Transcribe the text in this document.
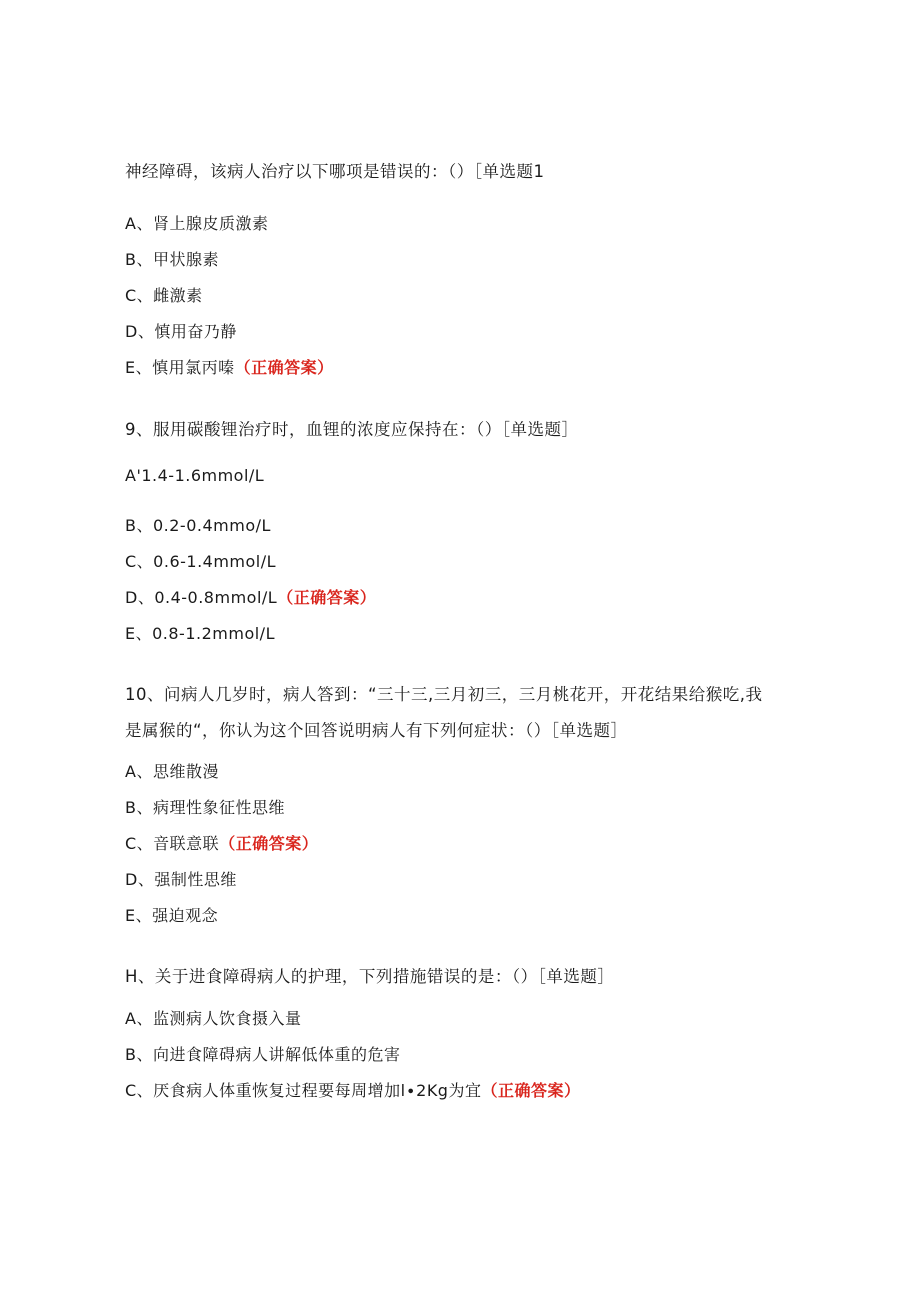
神经障碍，该病人治疗以下哪项是错误的：（）［单选题1
A、肾上腺皮质激素
B、甲状腺素
C、雌激素
D、慎用奋乃静
E、慎用氯丙嗪（正确答案）
9、服用碳酸锂治疗时，血锂的浓度应保持在：（）［单选题］
A'1.4-1.6mmol∕L
B、0.2-0.4mmo∕L
C、0.6-1.4mmol∕L
D、0.4-0.8mmol∕L（正确答案）
E、0.8-1.2mmol∕L
10、问病人几岁时，病人答到：“三十三,三月初三，三月桃花开，开花结果给猴吃,我
是属猴的“，你认为这个回答说明病人有下列何症状：（）［单选题］
A、思维散漫
B、病理性象征性思维
C、音联意联（正确答案）
D、强制性思维
E、强迫观念
H、关于进食障碍病人的护理，下列措施错误的是：（）［单选题］
A、监测病人饮食摄入量
B、向进食障碍病人讲解低体重的危害
C、厌食病人体重恢复过程要每周增加l∙2Kg为宜（正确答案）
